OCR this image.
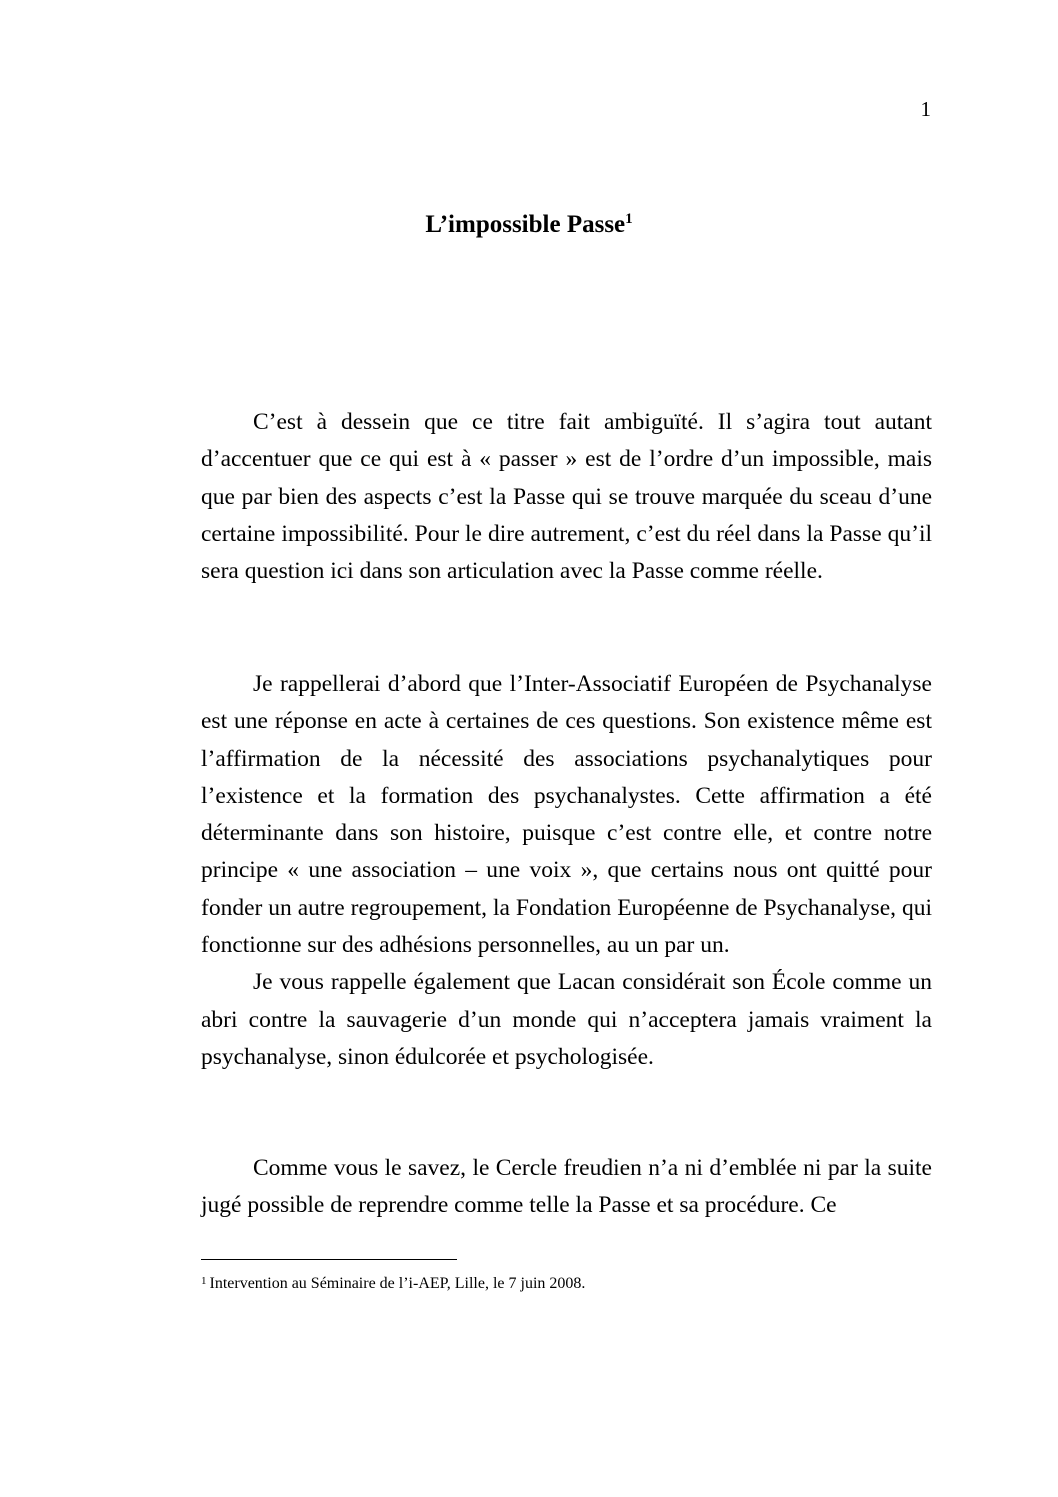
1
L’impossible Passe$^1$

C’est à dessein que ce titre fait ambiguïté. Il s’agira tout autant d’accentuer que ce qui est à « passer » est de l’ordre d’un impossible, mais que par bien des aspects c’est la Passe qui se trouve marquée du sceau d’une certaine impossibilité. Pour le dire autrement, c’est du réel dans la Passe qu’il sera question ici dans son articulation avec la Passe comme réelle.

Je rappellerai d’abord que l’Inter-Associatif Européen de Psychanalyse est une réponse en acte à certaines de ces questions. Son existence même est l’affirmation de la nécessité des associations psychanalytiques pour l’existence et la formation des psychanalystes. Cette affirmation a été déterminante dans son histoire, puisque c’est contre elle, et contre notre principe « une association – une voix », que certains nous ont quitté pour fonder un autre regroupement, la Fondation Européenne de Psychanalyse, qui fonctionne sur des adhésions personnelles, au un par un.

Je vous rappelle également que Lacan considérait son École comme un abri contre la sauvagerie d’un monde qui n’acceptera jamais vraiment la psychanalyse, sinon édulcorée et psychologisée.

Comme vous le savez, le Cercle freudien n’a ni d’emblée ni par la suite jugé possible de reprendre comme telle la Passe et sa procédure. Ce

$^1$ Intervention au Séminaire de l’i-AEP, Lille, le 7 juin 2008.
